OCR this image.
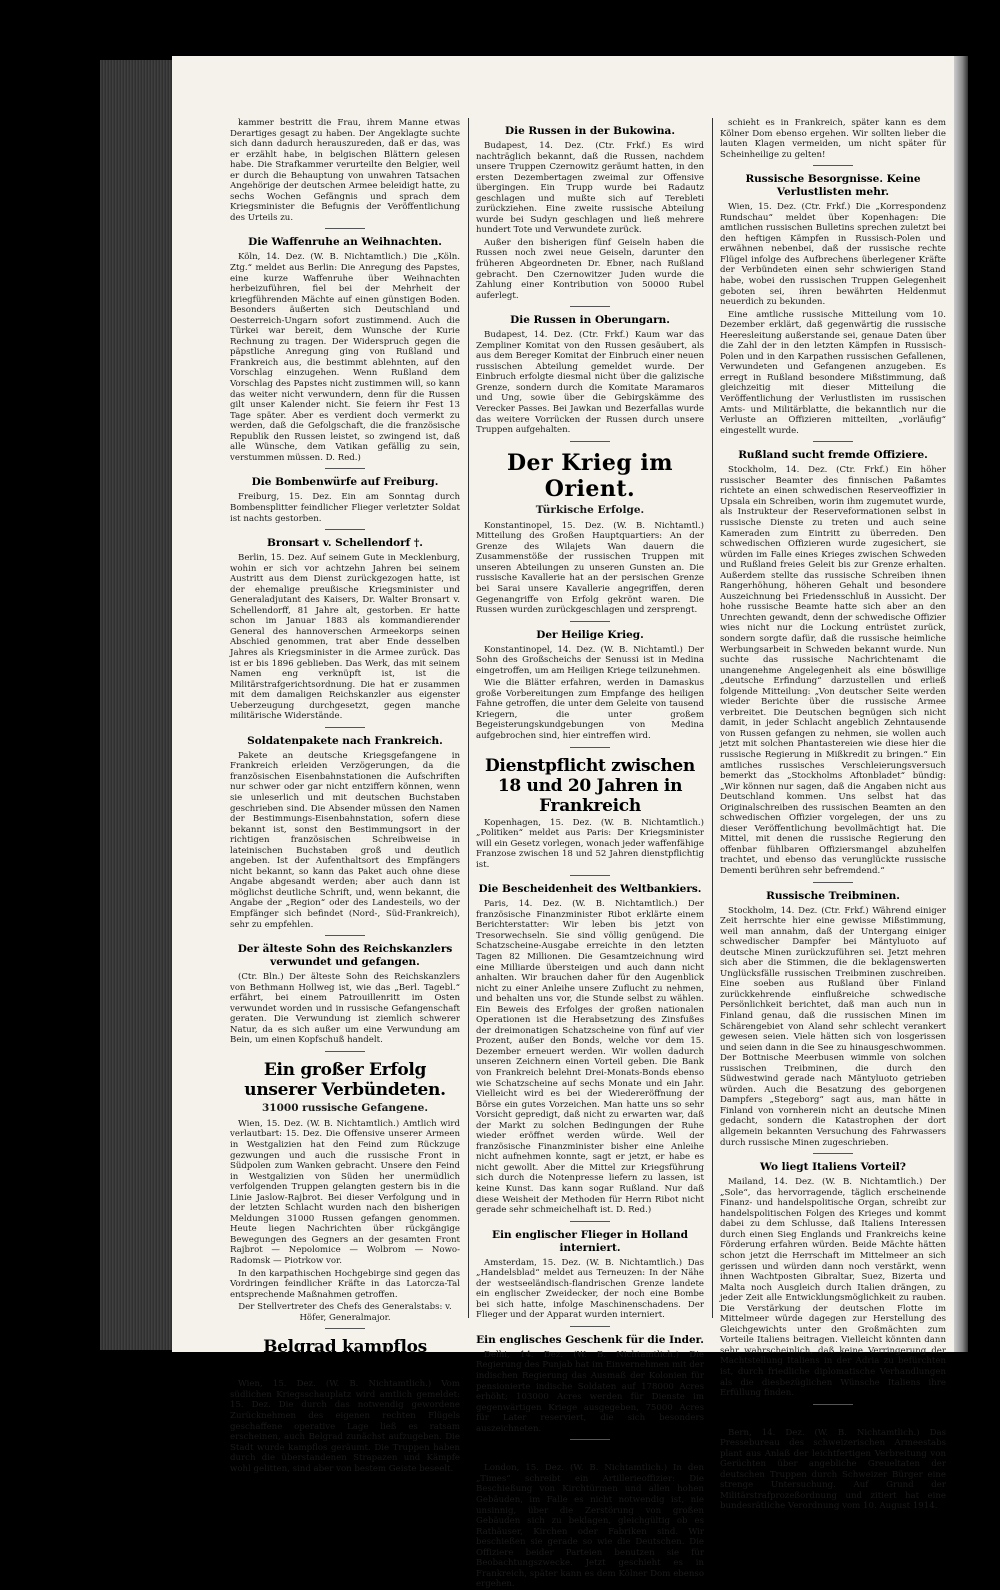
kammer bestritt die Frau, ihrem Manne etwas Derartiges gesagt zu haben. Der Angeklagte suchte sich dann dadurch herauszureden, daß er das, was er erzählt habe, in belgischen Blättern gelesen habe. Die Strafkammer verurteilte den Belgier, weil er durch die Behauptung von unwahren Tatsachen Angehörige der deutschen Armee beleidigt hatte, zu sechs Wochen Gefängnis und sprach dem Kriegsminister die Befugnis der Veröffentlichung des Urteils zu.

Die Waffenruhe an Weihnachten.

Köln, 14. Dez. (W. B. Nichtamtlich.) Die „Köln. Ztg.“ meldet aus Berlin: Die Anregung des Papstes, eine kurze Waffenruhe über Weihnachten herbeizuführen, fiel bei der Mehrheit der kriegführenden Mächte auf einen günstigen Boden. Besonders äußerten sich Deutschland und Oesterreich-Ungarn sofort zustimmend. Auch die Türkei war bereit, dem Wunsche der Kurie Rechnung zu tragen. Der Widerspruch gegen die päpstliche Anregung ging von Rußland und Frankreich aus, die bestimmt ablehnten, auf den Vorschlag einzugehen. Wenn Rußland dem Vorschlag des Papstes nicht zustimmen will, so kann das weiter nicht verwundern, denn für die Russen gilt unser Kalender nicht. Sie feiern ihr Fest 13 Tage später. Aber es verdient doch vermerkt zu werden, daß die Gefolgschaft, die die französische Republik den Russen leistet, so zwingend ist, daß alle Wünsche, dem Vatikan gefällig zu sein, verstummen müssen. D. Red.)

Die Bombenwürfe auf Freiburg.

Freiburg, 15. Dez. Ein am Sonntag durch Bombensplitter feindlicher Flieger verletzter Soldat ist nachts gestorben.

Bronsart v. Schellendorf †.

Berlin, 15. Dez. Auf seinem Gute in Mecklenburg, wohin er sich vor achtzehn Jahren bei seinem Austritt aus dem Dienst zurückgezogen hatte, ist der ehemalige preußische Kriegsminister und Generaladjutant des Kaisers, Dr. Walter Bronsart v. Schellendorff, 81 Jahre alt, gestorben. Er hatte schon im Januar 1883 als kommandierender General des hannoverschen Armeekorps seinen Abschied genommen, trat aber Ende desselben Jahres als Kriegsminister in die Armee zurück. Das ist er bis 1896 geblieben. Das Werk, das mit seinem Namen eng verknüpft ist, ist die Militärstrafgerichtsordnung. Die hat er zusammen mit dem damaligen Reichskanzler aus eigenster Ueberzeugung durchgesetzt, gegen manche militärische Widerstände.

Soldatenpakete nach Frankreich.

Pakete an deutsche Kriegsgefangene in Frankreich erleiden Verzögerungen, da die französischen Eisenbahnstationen die Aufschriften nur schwer oder gar nicht entziffern können, wenn sie unleserlich und mit deutschen Buchstaben geschrieben sind. Die Absender müssen den Namen der Bestimmungs-Eisenbahnstation, sofern diese bekannt ist, sonst den Bestimmungsort in der richtigen französischen Schreibweise in lateinischen Buchstaben groß und deutlich angeben. Ist der Aufenthaltsort des Empfängers nicht bekannt, so kann das Paket auch ohne diese Angabe abgesandt werden; aber auch dann ist möglichst deutliche Schrift, und, wenn bekannt, die Angabe der „Region“ oder des Landesteils, wo der Empfänger sich befindet (Nord-, Süd-Frankreich), sehr zu empfehlen.

Der älteste Sohn des Reichskanzlers verwundet und gefangen.

(Ctr. Bln.) Der älteste Sohn des Reichskanzlers von Bethmann Hollweg ist, wie das „Berl. Tagebl.“ erfährt, bei einem Patrouillenritt im Osten verwundet worden und in russische Gefangenschaft geraten. Die Verwundung ist ziemlich schwerer Natur, da es sich außer um eine Verwundung am Bein, um einen Kopfschuß handelt.

Ein großer Erfolg unserer Verbündeten.
31000 russische Gefangene.

Wien, 15. Dez. (W. B. Nichtamtlich.) Amtlich wird verlautbart: 15. Dez. Die Offensive unserer Armeen in Westgalizien hat den Feind zum Rückzuge gezwungen und auch die russische Front in Südpolen zum Wanken gebracht. Unsere den Feind in Westgalizien von Süden her unermüdlich verfolgenden Truppen gelangten gestern bis in die Linie Jaslow-Rajbrot. Bei dieser Verfolgung und in der letzten Schlacht wurden nach den bisherigen Meldungen 31000 Russen gefangen genommen. Heute liegen Nachrichten über rückgängige Bewegungen des Gegners an der gesamten Front Rajbrot — Nepolomice — Wolbrom — Nowo-Radomsk — Piotrkow vor.

In den karpathischen Hochgebirge sind gegen das Vordringen feindlicher Kräfte in das Latorcza-Tal entsprechende Maßnahmen getroffen.

Der Stellvertreter des Chefs des Generalstabs: v. Höfer, Generalmajor.

Belgrad kampflos geräumt.

Wien, 15. Dez. (W. B. Nichtamtlich.) Vom südlichen Kriegsschauplatz wird amtlich gemeldet: 15. Dez. Die durch das notwendig gewordene Zurücknehmen des eigenen rechten Flügels geschaffene operative Lage ließ es ratsam erscheinen, auch Belgrad zunächst aufzugeben. Die Stadt wurde kampflos geräumt. Die Truppen haben durch die überstandenen Strapazen und Kämpfe wohl gelitten, sind aber von bestem Geiste beseelt.

Die Russen in der Bukowina.

Budapest, 14. Dez. (Ctr. Frkf.) Es wird nachträglich bekannt, daß die Russen, nachdem unsere Truppen Czernowitz geräumt hatten, in den ersten Dezembertagen zweimal zur Offensive übergingen. Ein Trupp wurde bei Radautz geschlagen und mußte sich auf Terebleti zurückziehen. Eine zweite russische Abteilung wurde bei Sudyn geschlagen und ließ mehrere hundert Tote und Verwundete zurück.

Außer den bisherigen fünf Geiseln haben die Russen noch zwei neue Geiseln, darunter den früheren Abgeordneten Dr. Ebner, nach Rußland gebracht. Den Czernowitzer Juden wurde die Zahlung einer Kontribution von 50000 Rubel auferlegt.

Die Russen in Oberungarn.

Budapest, 14. Dez. (Ctr. Frkf.) Kaum war das Zempliner Komitat von den Russen gesäubert, als aus dem Bereger Komitat der Einbruch einer neuen russischen Abteilung gemeldet wurde. Der Einbruch erfolgte diesmal nicht über die galizische Grenze, sondern durch die Komitate Maramaros und Ung, sowie über die Gebirgskämme des Verecker Passes. Bei Jawkan und Bezerfallas wurde das weitere Vorrücken der Russen durch unsere Truppen aufgehalten.

Der Krieg im Orient.
Türkische Erfolge.

Konstantinopel, 15. Dez. (W. B. Nichtamtl.) Mitteilung des Großen Hauptquartiers: An der Grenze des Wilajets Wan dauern die Zusammenstöße der russischen Truppen mit unseren Abteilungen zu unseren Gunsten an. Die russische Kavallerie hat an der persischen Grenze bei Sarai unsere Kavallerie angegriffen, deren Gegenangriffe von Erfolg gekrönt waren. Die Russen wurden zurückgeschlagen und zersprengt.

Der Heilige Krieg.

Konstantinopel, 14. Dez. (W. B. Nichtamtl.) Der Sohn des Großscheichs der Senussi ist in Medina eingetroffen, um am Heiligen Kriege teilzunehmen.

Wie die Blätter erfahren, werden in Damaskus große Vorbereitungen zum Empfange des heiligen Fahne getroffen, die unter dem Geleite von tausend Kriegern, die unter großem Begeisterungskundgebungen von Medina aufgebrochen sind, hier eintreffen wird.

Dienstpflicht zwischen 18 und 20 Jahren in Frankreich

Kopenhagen, 15. Dez. (W. B. Nichtamtlich.) „Politiken“ meldet aus Paris: Der Kriegsminister will ein Gesetz vorlegen, wonach jeder waffenfähige Franzose zwischen 18 und 52 Jahren dienstpflichtig ist.

Die Bescheidenheit des Weltbankiers.

Paris, 14. Dez. (W. B. Nichtamtlich.) Der französische Finanzminister Ribot erklärte einem Berichterstatter: Wir leben bis jetzt von Tresorwechseln. Sie sind völlig genügend. Die Schatzscheine-Ausgabe erreichte in den letzten Tagen 82 Millionen. Die Gesamtzeichnung wird eine Milliarde übersteigen und auch dann nicht anhalten. Wir brauchen daher für den Augenblick nicht zu einer Anleihe unsere Zuflucht zu nehmen, und behalten uns vor, die Stunde selbst zu wählen. Ein Beweis des Erfolges der großen nationalen Operationen ist die Herabsetzung des Zinsfußes der dreimonatigen Schatzscheine von fünf auf vier Prozent, außer den Bonds, welche vor dem 15. Dezember erneuert werden. Wir wollen dadurch unseren Zeichnern einen Vorteil geben. Die Bank von Frankreich belehnt Drei-Monats-Bonds ebenso wie Schatzscheine auf sechs Monate und ein Jahr. Vielleicht wird es bei der Wiedereröffnung der Börse ein gutes Vorzeichen. Man hatte uns so sehr Vorsicht gepredigt, daß nicht zu erwarten war, daß der Markt zu solchen Bedingungen der Ruhe wieder eröffnet werden würde. Weil der französische Finanzminister bisher eine Anleihe nicht aufnehmen konnte, sagt er jetzt, er habe es nicht gewollt. Aber die Mittel zur Kriegsführung sich durch die Notenpresse liefern zu lassen, ist keine Kunst. Das kann sogar Rußland. Nur daß diese Weisheit der Methoden für Herrn Ribot nicht gerade sehr schmeichelhaft ist. D. Red.)

Ein englischer Flieger in Holland interniert.

Amsterdam, 15. Dez. (W. B. Nichtamtlich.) Das „Handelsblad“ meldet aus Terneuzen: In der Nähe der westseeländisch-flandrischen Grenze landete ein englischer Zweidecker, der noch eine Bombe bei sich hatte, infolge Maschinenschadens. Der Flieger und der Apparat wurden interniert.

Ein englisches Geschenk für die Inder.

Delhi, 14. Dez. (W. B. Nichtamtlich.) Die Regierung des Punjab hat im Einvernehmen mit der indischen Regierung das Ausmaß der Kolonien für pensionierte indische Soldaten auf 178000 Acres erhöht; 103000 Acres werden für Dienste im gegenwärtigen Kriege ausgegeben, 75000 Acres für Later reserviert, die sich besonders auszeichneten.

Ein ehrlicher Engländer.

London, 15. Dez. (W. B. Nichtamtlich.) In den „Times“ schreibt ein Artillerieoffizier: Die Beschießung von Kirchtürmen und allen hohen Gebäuden, im Falle es nicht notwendig ist, nie unsinnig, über die Zerstörung von großen Gebäuden sich zu beklagen, gleichgültig ob es Rathäuser, Kirchen oder Fabriken sind. Wir beschießen sie gerade so wie die Deutschen. Die Offiziere beider Parteien benutzen sie für Beobachtungszwecke. Jetzt geschieht es in Frankreich, später kann es dem Kölner Dom ebenso ergehen.

schieht es in Frankreich, später kann es dem Kölner Dom ebenso ergehen. Wir sollten lieber die lauten Klagen vermeiden, um nicht später für Scheinheilige zu gelten!

Russische Besorgnisse. Keine Verlustlisten mehr.

Wien, 15. Dez. (Ctr. Frkf.) Die „Korrespondenz Rundschau“ meldet über Kopenhagen: Die amtlichen russischen Bulletins sprechen zuletzt bei den heftigen Kämpfen in Russisch-Polen und erwähnen nebenbei, daß der russische rechte Flügel infolge des Aufbrechens überlegener Kräfte der Verbündeten einen sehr schwierigen Stand habe, wobei den russischen Truppen Gelegenheit geboten sei, ihren bewährten Heldenmut neuerdich zu bekunden.

Eine amtliche russische Mitteilung vom 10. Dezember erklärt, daß gegenwärtig die russische Heeresleitung außerstande sei, genaue Daten über die Zahl der in den letzten Kämpfen in Russisch-Polen und in den Karpathen russischen Gefallenen, Verwundeten und Gefangenen anzugeben. Es erregt in Rußland besondere Mißstimmung, daß gleichzeitig mit dieser Mitteilung die Veröffentlichung der Verlustlisten im russischen Amts- und Militärblatte, die bekanntlich nur die Verluste an Offizieren mitteilten, „vorläufig“ eingestellt wurde.

Rußland sucht fremde Offiziere.

Stockholm, 14. Dez. (Ctr. Frkf.) Ein höher russischer Beamter des finnischen Paßamtes richtete an einen schwedischen Reserveoffizier in Upsala ein Schreiben, worin ihm zugemutet wurde, als Instrukteur der Reserveformationen selbst in russische Dienste zu treten und auch seine Kameraden zum Eintritt zu überreden. Den schwedischen Offizieren wurde zugesichert, sie würden im Falle eines Krieges zwischen Schweden und Rußland freies Geleit bis zur Grenze erhalten. Außerdem stellte das russische Schreiben ihnen Rangerhöhung, höheren Gehalt und besondere Auszeichnung bei Friedensschluß in Aussicht. Der hohe russische Beamte hatte sich aber an den Unrechten gewandt, denn der schwedische Offizier wies nicht nur die Lockung entrüstet zurück, sondern sorgte dafür, daß die russische heimliche Werbungsarbeit in Schweden bekannt wurde. Nun suchte das russische Nachrichtenamt die unangenehme Angelegenheit als eine böswillige „deutsche Erfindung“ darzustellen und erließ folgende Mitteilung: „Von deutscher Seite werden wieder Berichte über die russische Armee verbreitet. Die Deutschen begnügen sich nicht damit, in jeder Schlacht angeblich Zehntausende von Russen gefangen zu nehmen, sie wollen auch jetzt mit solchen Phantastereien wie diese hier die russische Regierung in Mißkredit zu bringen.“ Ein amtliches russisches Verschleierungsversuch bemerkt das „Stockholms Aftonbladet“ bündig: „Wir können nur sagen, daß die Angaben nicht aus Deutschland kommen. Uns selbst hat das Originalschreiben des russischen Beamten an den schwedischen Offizier vorgelegen, der uns zu dieser Veröffentlichung bevollmächtigt hat. Die Mittel, mit denen die russische Regierung den offenbar fühlbaren Offiziersmangel abzuhelfen trachtet, und ebenso das verunglückte russische Dementi berühren sehr befremdend.“

Russische Treibminen.

Stockholm, 14. Dez. (Ctr. Frkf.) Während einiger Zeit herrschte hier eine gewisse Mißstimmung, weil man annahm, daß der Untergang einiger schwedischer Dampfer bei Mäntyluoto auf deutsche Minen zurückzuführen sei. Jetzt mehren sich aber die Stimmen, die die beklagenswerten Unglücksfälle russischen Treibminen zuschreiben. Eine soeben aus Rußland über Finland zurückkehrende einflußreiche schwedische Persönlichkeit berichtet, daß man auch nun in Finland genau, daß die russischen Minen im Schärengebiet von Aland sehr schlecht verankert gewesen seien. Viele hätten sich von losgerissen und seien dann in die See zu hinausgeschwommen. Der Bottnische Meerbusen wimmle von solchen russischen Treibminen, die durch den Südwestwind gerade nach Mäntyluoto getrieben würden. Auch die Besatzung des geborgenen Dampfers „Stegeborg“ sagt aus, man hätte in Finland von vornherein nicht an deutsche Minen gedacht, sondern die Katastrophen der dort allgemein bekannten Versuchung des Fahrwassers durch russische Minen zugeschrieben.

Wo liegt Italiens Vorteil?

Mailand, 14. Dez. (W. B. Nichtamtlich.) Der „Sole“, das hervorragende, täglich erscheinende Finanz- und handelspolitische Organ, schreibt zur handelspolitischen Folgen des Krieges und kommt dabei zu dem Schlusse, daß Italiens Interessen durch einen Sieg Englands und Frankreichs keine Förderung erfahren würden. Beide Mächte hätten schon jetzt die Herrschaft im Mittelmeer an sich gerissen und würden dann noch verstärkt, wenn ihnen Wachtposten Gibraltar, Suez, Bizerta und Malta noch Ausgleich durch Italien drängen, zu jeder Zeit alle Entwicklungsmöglichkeit zu rauben. Die Verstärkung der deutschen Flotte im Mittelmeer würde dagegen zur Herstellung des Gleichgewichts unter den Großmächten zum Vorteile Italiens beitragen. Vielleicht könnten dann sehr wahrscheinlich, daß keine Verringerung der Machtstellung Italiens in der Adria zu befürchten ist, durch friedliche diplomatische Verhandlungen als die diesbezüglichen Wünsche Italiens ihre Erfüllung finden.

Gegen die Verleumdung.

Bern, 14. Dez. (W. B. Nichtamtlich.) Das Pressebureau des schweizerischen Armeestabs plant aus Anlaß der leichtfertigen Verbreitung von Gerüchten über angebliche Greueltaten der deutschen Truppen durch Schweizer Bürger eine strenge Untersuchung. Auf Grund der Militärstrafprozeßordnung und zitiert hat eine bundesrätliche Verordnung vom 10. August 1914.
